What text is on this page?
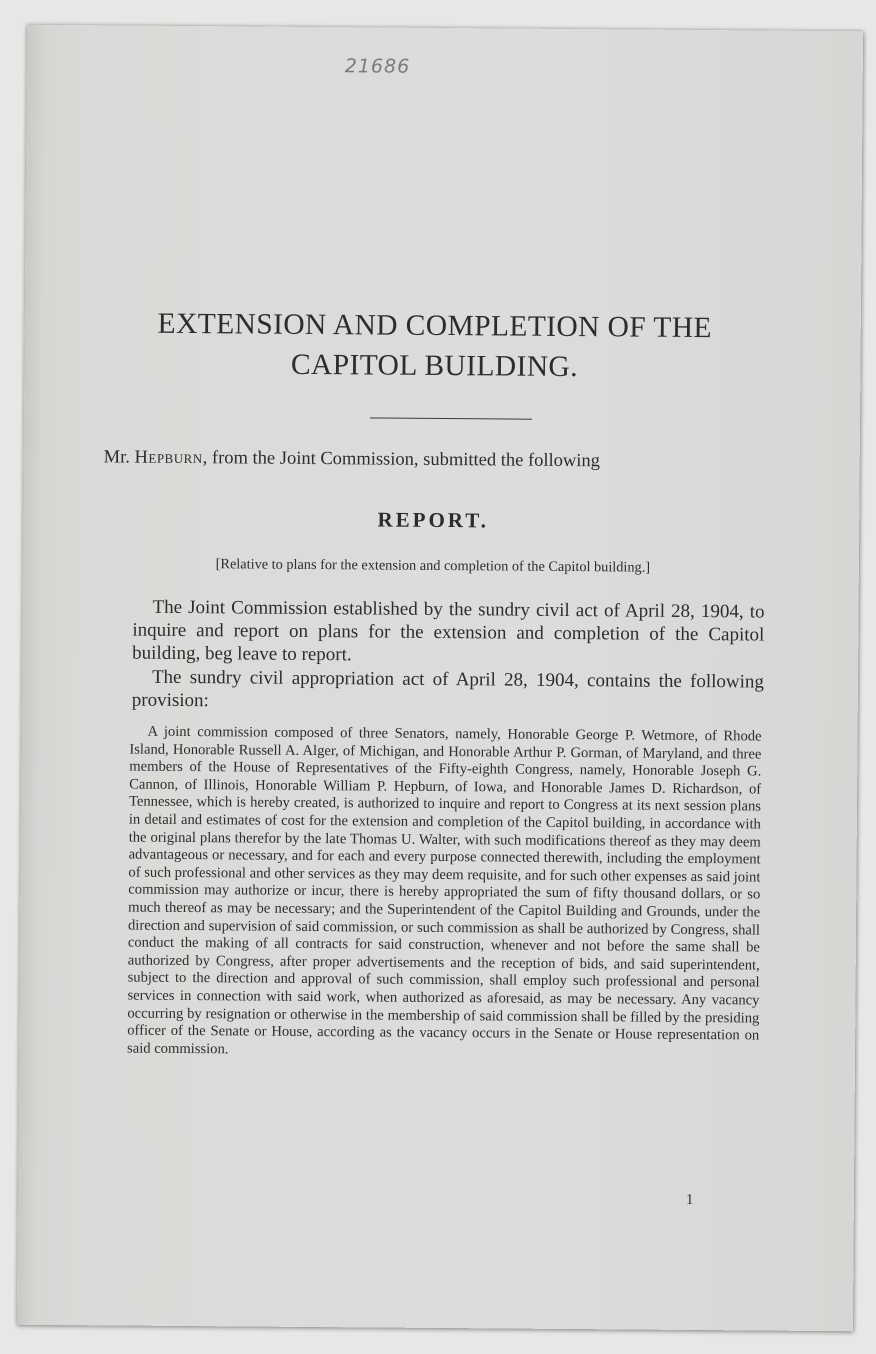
21686
EXTENSION AND COMPLETION OF THE
CAPITOL BUILDING.

Mr. Hepburn, from the Joint Commission, submitted the following

REPORT.

[Relative to plans for the extension and completion of the Capitol building.]

The Joint Commission established by the sundry civil act of April 28, 1904, to inquire and report on plans for the extension and completion of the Capitol building, beg leave to report.

The sundry civil appropriation act of April 28, 1904, contains the following provision:

A joint commission composed of three Senators, namely, Honorable George P. Wetmore, of Rhode Island, Honorable Russell A. Alger, of Michigan, and Honorable Arthur P. Gorman, of Maryland, and three members of the House of Representatives of the Fifty-eighth Congress, namely, Honorable Joseph G. Cannon, of Illinois, Honorable William P. Hepburn, of Iowa, and Honorable James D. Richardson, of Tennessee, which is hereby created, is authorized to inquire and report to Congress at its next session plans in detail and estimates of cost for the extension and completion of the Capitol building, in accordance with the original plans therefor by the late Thomas U. Walter, with such modifications thereof as they may deem advantageous or necessary, and for each and every purpose connected therewith, including the employment of such professional and other services as they may deem requisite, and for such other expenses as said joint commission may authorize or incur, there is hereby appropriated the sum of fifty thousand dollars, or so much thereof as may be necessary; and the Superintendent of the Capitol Building and Grounds, under the direction and supervision of said commission, or such commission as shall be authorized by Congress, shall conduct the making of all contracts for said construction, whenever and not before the same shall be authorized by Congress, after proper advertisements and the reception of bids, and said superintendent, subject to the direction and approval of such commission, shall employ such professional and personal services in connection with said work, when authorized as aforesaid, as may be necessary. Any vacancy occurring by resignation or otherwise in the membership of said commission shall be filled by the presiding officer of the Senate or House, according as the vacancy occurs in the Senate or House representation on said commission.

1
